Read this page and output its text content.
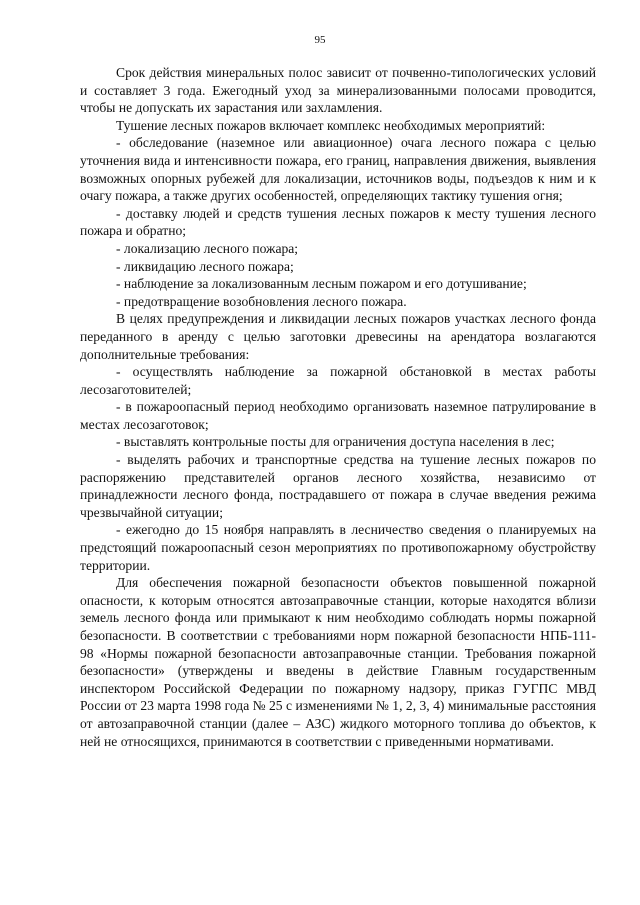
95

Срок действия минеральных полос зависит от почвенно-типологических условий и составляет 3 года. Ежегодный уход за минерализованными полосами проводится, чтобы не допускать их зарастания или захламления.

Тушение лесных пожаров включает комплекс необходимых мероприятий:

- обследование (наземное или авиационное) очага лесного пожара с целью уточнения вида и интенсивности пожара, его границ, направления движения, выявления возможных опорных рубежей для локализации, источников воды, подъездов к ним и к очагу пожара, а также других особенностей, определяющих тактику тушения огня;

- доставку людей и средств тушения лесных пожаров к месту тушения лесного пожара и обратно;

- локализацию лесного пожара;

- ликвидацию лесного пожара;

- наблюдение за локализованным лесным пожаром и его дотушивание;

- предотвращение возобновления лесного пожара.

В целях предупреждения и ликвидации лесных пожаров участках лесного фонда переданного в аренду с целью заготовки древесины на арендатора возлагаются дополнительные требования:

- осуществлять наблюдение за пожарной обстановкой в местах работы лесозаготовителей;

- в пожароопасный период необходимо организовать наземное патрулирование в местах лесозаготовок;

- выставлять контрольные посты для ограничения доступа населения в лес;

- выделять рабочих и транспортные средства на тушение лесных пожаров по распоряжению представителей органов лесного хозяйства, независимо от принадлежности лесного фонда, пострадавшего от пожара в случае введения режима чрезвычайной ситуации;

- ежегодно до 15 ноября направлять в лесничество сведения о планируемых на предстоящий пожароопасный сезон мероприятиях по противопожарному обустройству территории.

Для обеспечения пожарной безопасности объектов повышенной пожарной опасности, к которым относятся автозаправочные станции, которые находятся вблизи земель лесного фонда или примыкают к ним необходимо соблюдать нормы пожарной безопасности. В соответствии с требованиями норм пожарной безопасности НПБ-111-98 «Нормы пожарной безопасности автозаправочные станции. Требования пожарной безопасности» (утверждены и введены в действие Главным государственным инспектором Российской Федерации по пожарному надзору, приказ ГУГПС МВД России от 23 марта 1998 года № 25 с изменениями № 1, 2, 3, 4) минимальные расстояния от автозаправочной станции (далее – АЗС) жидкого моторного топлива до объектов, к ней не относящихся, принимаются в соответствии с приведенными нормативами.
